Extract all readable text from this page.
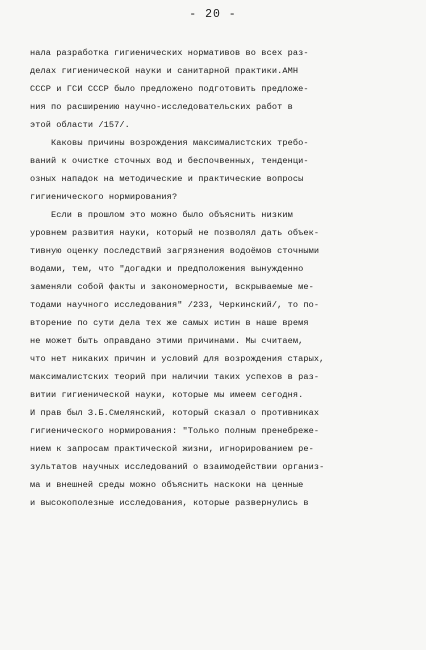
- 20 -
нала разработка гигиенических нормативов во всех раз-
делах гигиенической науки и санитарной практики.АМН
СССР и ГСИ СССР было предложено подготовить предложе-
ния по расширению научно-исследовательских работ в
этой области /157/.
Каковы причины возрождения максималистских требо-
ваний к очистке сточных вод и беспочвенных, тенденци-
озных нападок на методические и практические вопросы
гигиенического нормирования?
Если в прошлом это можно было объяснить низким
уровнем развития науки, который не позволял дать объек-
тивную оценку последствий загрязнения водоёмов сточными
водами, тем, что "догадки и предположения вынужденно
заменяли собой факты и закономерности, вскрываемые ме-
тодами научного исследования" /233, Черкинский/, то по-
вторение по сути дела тех же самых истин в наше время
не может быть оправдано этими причинами. Мы считаем,
что нет никаких причин и условий для возрождения старых,
максималистских теорий при наличии таких успехов в раз-
витии гигиенической науки, которые мы имеем сегодня.
И прав был З.Б.Смелянский, который сказал о противниках
гигиенического нормирования: "Только полным пренебреже-
нием к запросам практической жизни, игнорированием ре-
зультатов научных исследований о взаимодействии организ-
ма и внешней среды можно объяснить наскоки на ценные
и высокополезные исследования, которые развернулись в
